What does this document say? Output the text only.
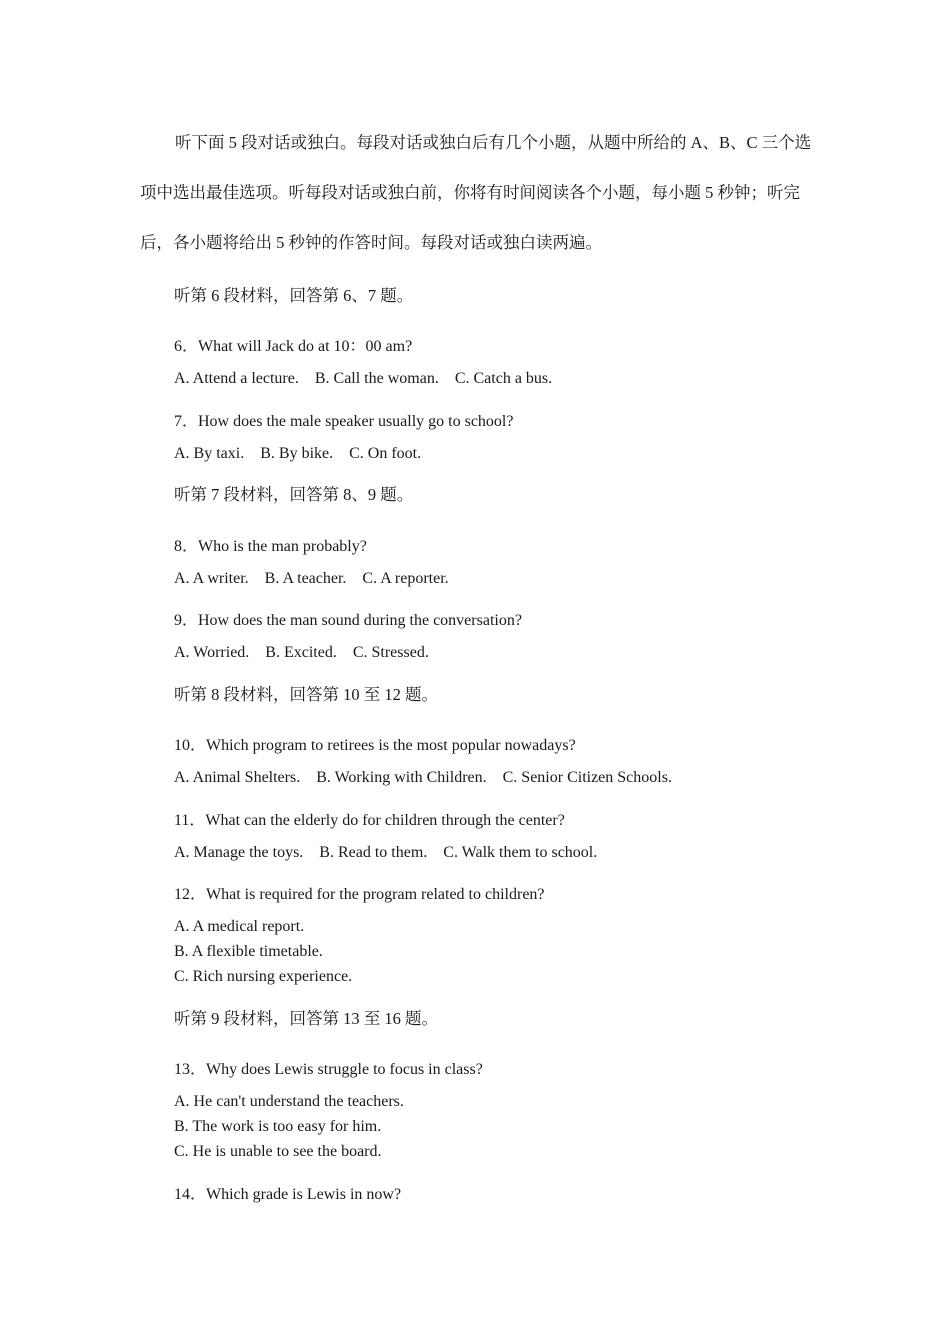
听下面 5 段对话或独白。每段对话或独白后有几个小题，从题中所给的 A、B、C 三个选项中选出最佳选项。听每段对话或独白前，你将有时间阅读各个小题，每小题 5 秒钟；听完后，各小题将给出 5 秒钟的作答时间。每段对话或独白读两遍。

听第 6 段材料，回答第 6、7 题。

6．What will Jack do at 10：00 am?

A. Attend a lecture.    B. Call the woman.    C. Catch a bus.

7．How does the male speaker usually go to school?

A. By taxi.    B. By bike.    C. On foot.

听第 7 段材料，回答第 8、9 题。

8．Who is the man probably?

A. A writer.    B. A teacher.    C. A reporter.

9．How does the man sound during the conversation?

A. Worried.    B. Excited.    C. Stressed.

听第 8 段材料，回答第 10 至 12 题。

10．Which program to retirees is the most popular nowadays?

A. Animal Shelters.    B. Working with Children.    C. Senior Citizen Schools.

11．What can the elderly do for children through the center?

A. Manage the toys.    B. Read to them.    C. Walk them to school.

12．What is required for the program related to children?

A. A medical report.

B. A flexible timetable.

C. Rich nursing experience.

听第 9 段材料，回答第 13 至 16 题。

13．Why does Lewis struggle to focus in class?

A. He can't understand the teachers.

B. The work is too easy for him.

C. He is unable to see the board.

14．Which grade is Lewis in now?
